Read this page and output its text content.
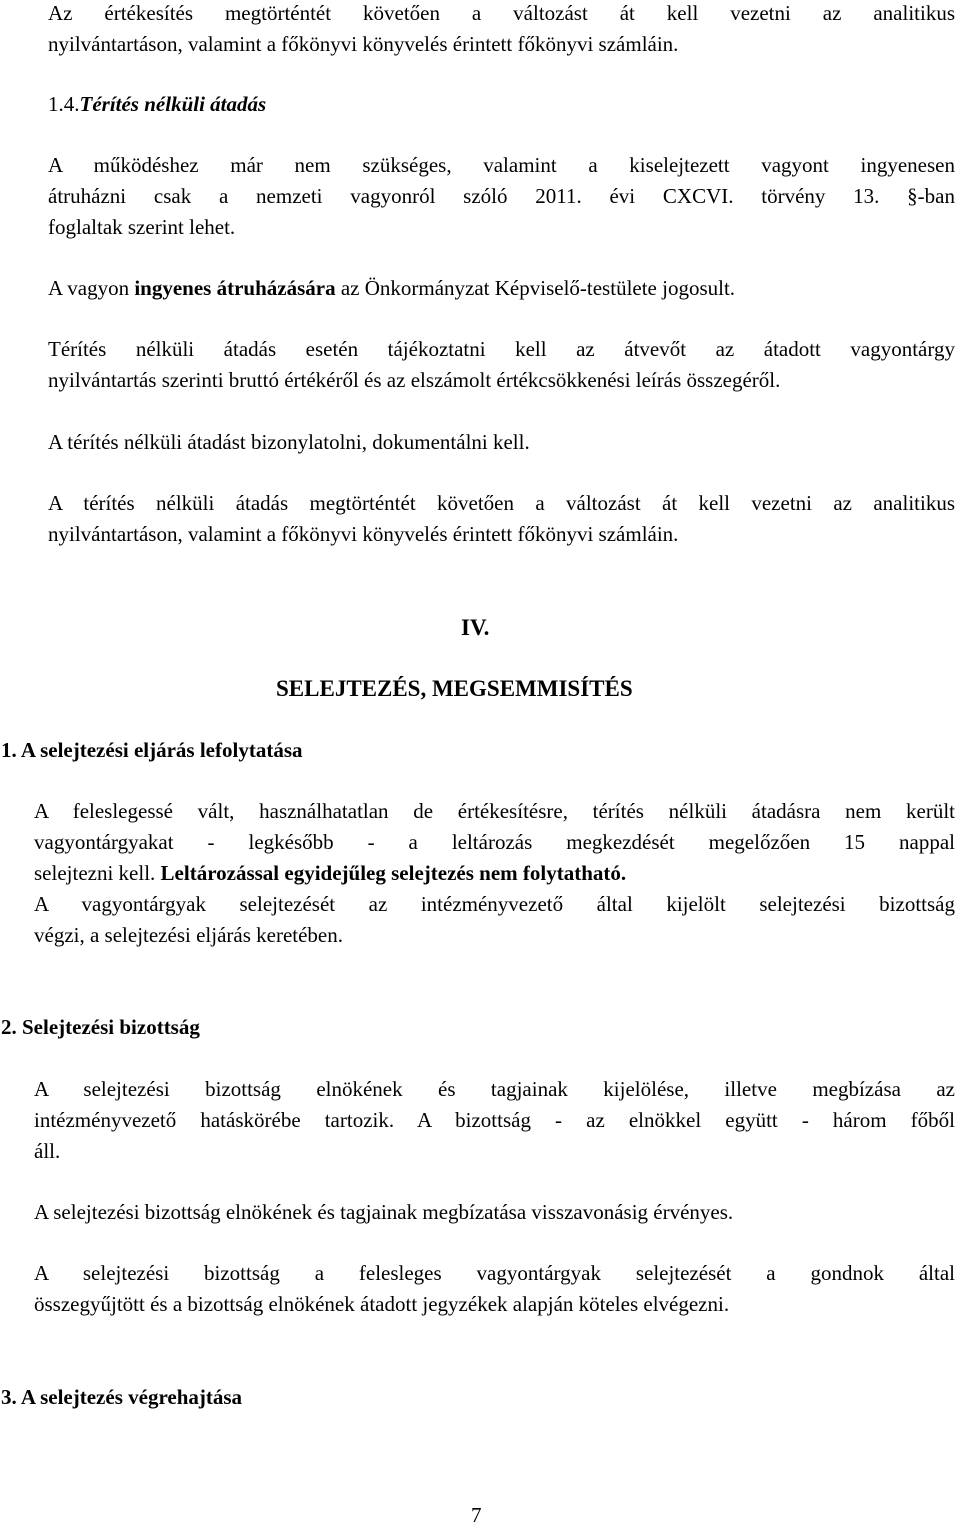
Az értékesítés megtörténtét követően a változást át kell vezetni az analitikus
nyilvántartáson, valamint a főkönyvi könyvelés érintett főkönyvi számláin.
1.4.Térítés nélküli átadás
A működéshez már nem szükséges, valamint a kiselejtezett vagyont ingyenesen
átruházni csak a nemzeti vagyonról szóló 2011. évi CXCVI. törvény 13. §-ban
foglaltak szerint lehet.
A vagyon ingyenes átruházására az Önkormányzat Képviselő-testülete jogosult.
Térítés nélküli átadás esetén tájékoztatni kell az átvevőt az átadott vagyontárgy
nyilvántartás szerinti bruttó értékéről és az elszámolt értékcsökkenési leírás összegéről.
A térítés nélküli átadást bizonylatolni, dokumentálni kell.
A térítés nélküli átadás megtörténtét követően a változást át kell vezetni az analitikus
nyilvántartáson, valamint a főkönyvi könyvelés érintett főkönyvi számláin.
IV.
SELEJTEZÉS, MEGSEMMISÍTÉS
1. A selejtezési eljárás lefolytatása
A feleslegessé vált, használhatatlan de értékesítésre, térítés nélküli átadásra nem került
vagyontárgyakat - legkésőbb - a leltározás megkezdését megelőzően 15 nappal
selejtezni kell. Leltározással egyidejűleg selejtezés nem folytatható.
A vagyontárgyak selejtezését az intézményvezető által kijelölt selejtezési bizottság
végzi, a selejtezési eljárás keretében.
2. Selejtezési bizottság
A selejtezési bizottság elnökének és tagjainak kijelölése, illetve megbízása az
intézményvezető hatáskörébe tartozik. A bizottság - az elnökkel együtt - három főből
áll.
A selejtezési bizottság elnökének és tagjainak megbízatása visszavonásig érvényes.
A selejtezési bizottság a felesleges vagyontárgyak selejtezését a gondnok által
összegyűjtött és a bizottság elnökének átadott jegyzékek alapján köteles elvégezni.
3. A selejtezés végrehajtása
7
